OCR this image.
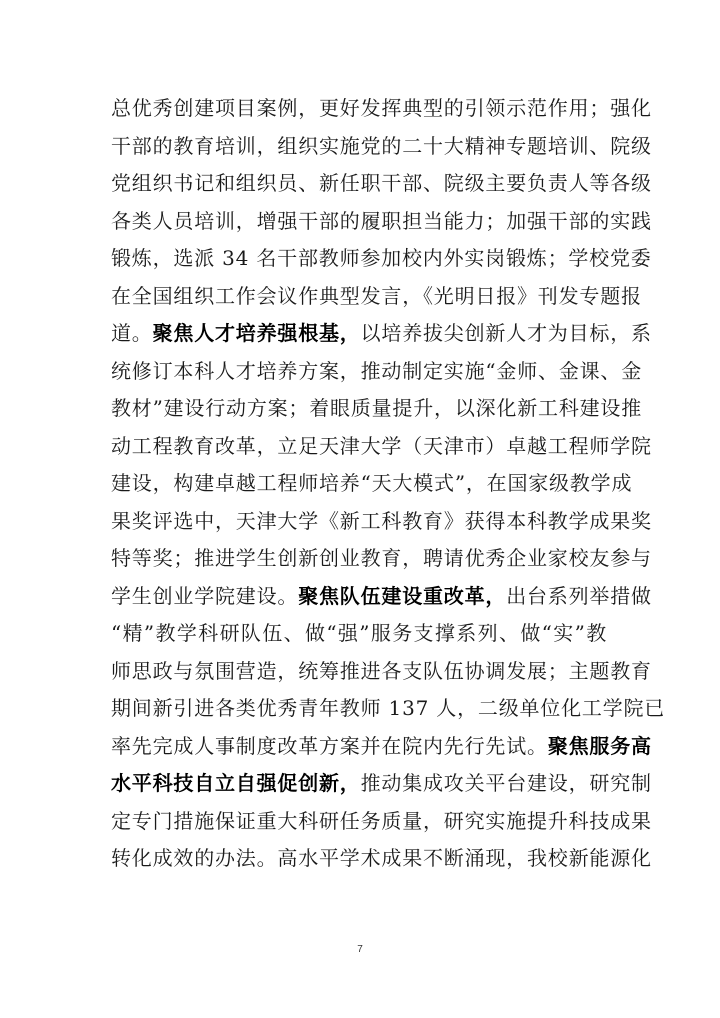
总优秀创建项目案例，更好发挥典型的引领示范作用；强化
干部的教育培训，组织实施党的二十大精神专题培训、院级
党组织书记和组织员、新任职干部、院级主要负责人等各级
各类人员培训，增强干部的履职担当能力；加强干部的实践
锻炼，选派 34 名干部教师参加校内外实岗锻炼；学校党委
在全国组织工作会议作典型发言，《光明日报》刊发专题报
道。聚焦人才培养强根基，以培养拔尖创新人才为目标，系
统修订本科人才培养方案，推动制定实施“金师、金课、金
教材”建设行动方案；着眼质量提升，以深化新工科建设推
动工程教育改革，立足天津大学（天津市）卓越工程师学院
建设，构建卓越工程师培养“天大模式”，在国家级教学成
果奖评选中，天津大学《新工科教育》获得本科教学成果奖
特等奖；推进学生创新创业教育，聘请优秀企业家校友参与
学生创业学院建设。聚焦队伍建设重改革，出台系列举措做
“精”教学科研队伍、做“强”服务支撑系列、做“实”教
师思政与氛围营造，统筹推进各支队伍协调发展；主题教育
期间新引进各类优秀青年教师 137 人，二级单位化工学院已
率先完成人事制度改革方案并在院内先行先试。聚焦服务高
水平科技自立自强促创新，推动集成攻关平台建设，研究制
定专门措施保证重大科研任务质量，研究实施提升科技成果
转化成效的办法。高水平学术成果不断涌现，我校新能源化
7
